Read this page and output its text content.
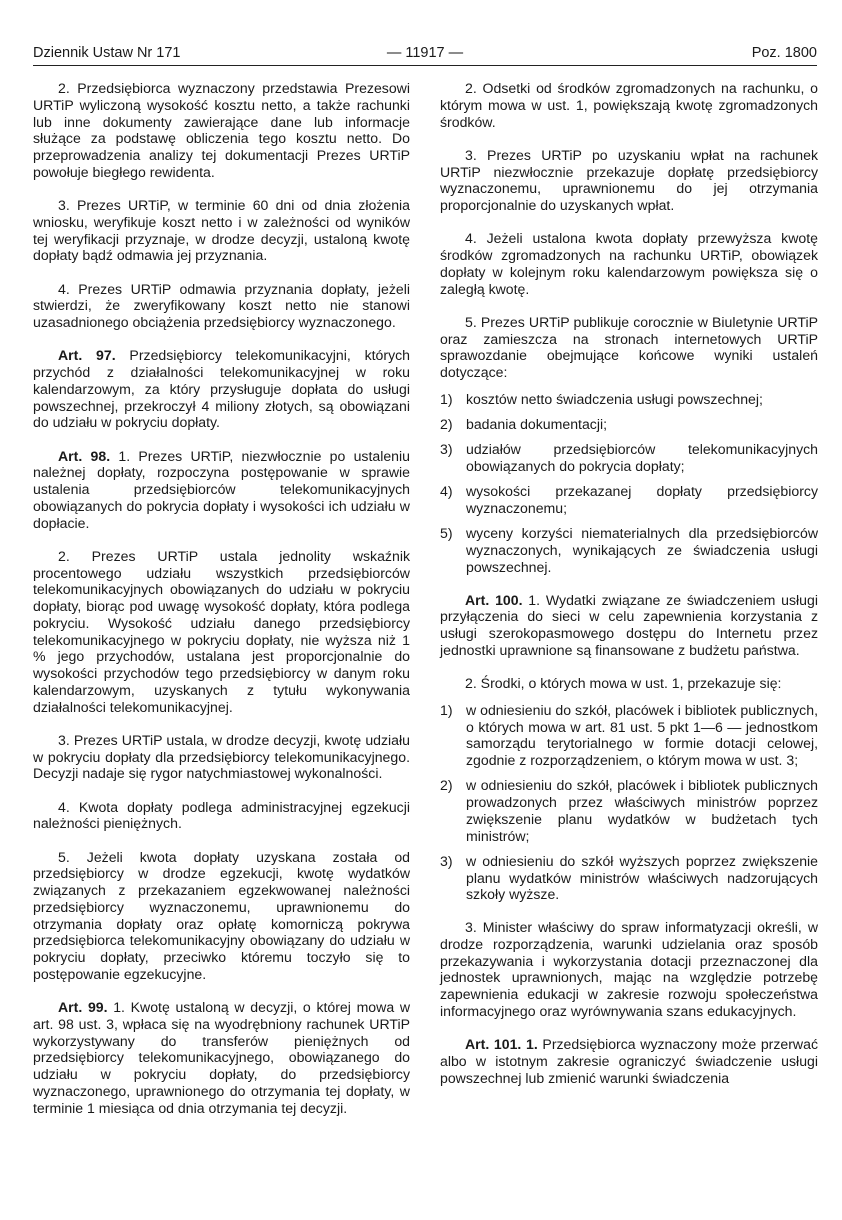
Dziennik Ustaw Nr 171	— 11917 —	Poz. 1800

2. Przedsiębiorca wyznaczony przedstawia Prezesowi URTiP wyliczoną wysokość kosztu netto, a także rachunki lub inne dokumenty zawierające dane lub informacje służące za podstawę obliczenia tego kosztu netto. Do przeprowadzenia analizy tej dokumentacji Prezes URTiP powołuje biegłego rewidenta.

3. Prezes URTiP, w terminie 60 dni od dnia złożenia wniosku, weryfikuje koszt netto i w zależności od wyników tej weryfikacji przyznaje, w drodze decyzji, ustaloną kwotę dopłaty bądź odmawia jej przyznania.

4. Prezes URTiP odmawia przyznania dopłaty, jeżeli stwierdzi, że zweryfikowany koszt netto nie stanowi uzasadnionego obciążenia przedsiębiorcy wyznaczonego.

Art. 97. Przedsiębiorcy telekomunikacyjni, których przychód z działalności telekomunikacyjnej w roku kalendarzowym, za który przysługuje dopłata do usługi powszechnej, przekroczył 4 miliony złotych, są obowiązani do udziału w pokryciu dopłaty.

Art. 98. 1. Prezes URTiP, niezwłocznie po ustaleniu należnej dopłaty, rozpoczyna postępowanie w sprawie ustalenia przedsiębiorców telekomunikacyjnych obowiązanych do pokrycia dopłaty i wysokości ich udziału w dopłacie.

2. Prezes URTiP ustala jednolity wskaźnik procentowego udziału wszystkich przedsiębiorców telekomunikacyjnych obowiązanych do udziału w pokryciu dopłaty, biorąc pod uwagę wysokość dopłaty, która podlega pokryciu. Wysokość udziału danego przedsiębiorcy telekomunikacyjnego w pokryciu dopłaty, nie wyższa niż 1 % jego przychodów, ustalana jest proporcjonalnie do wysokości przychodów tego przedsiębiorcy w danym roku kalendarzowym, uzyskanych z tytułu wykonywania działalności telekomunikacyjnej.

3. Prezes URTiP ustala, w drodze decyzji, kwotę udziału w pokryciu dopłaty dla przedsiębiorcy telekomunikacyjnego. Decyzji nadaje się rygor natychmiastowej wykonalności.

4. Kwota dopłaty podlega administracyjnej egzekucji należności pieniężnych.

5. Jeżeli kwota dopłaty uzyskana została od przedsiębiorcy w drodze egzekucji, kwotę wydatków związanych z przekazaniem egzekwowanej należności przedsiębiorcy wyznaczonemu, uprawnionemu do otrzymania dopłaty oraz opłatę komorniczą pokrywa przedsiębiorca telekomunikacyjny obowiązany do udziału w pokryciu dopłaty, przeciwko któremu toczyło się to postępowanie egzekucyjne.

Art. 99. 1. Kwotę ustaloną w decyzji, o której mowa w art. 98 ust. 3, wpłaca się na wyodrębniony rachunek URTiP wykorzystywany do transferów pieniężnych od przedsiębiorcy telekomunikacyjnego, obowiązanego do udziału w pokryciu dopłaty, do przedsiębiorcy wyznaczonego, uprawnionego do otrzymania tej dopłaty, w terminie 1 miesiąca od dnia otrzymania tej decyzji.

2. Odsetki od środków zgromadzonych na rachunku, o którym mowa w ust. 1, powiększają kwotę zgromadzonych środków.

3. Prezes URTiP po uzyskaniu wpłat na rachunek URTiP niezwłocznie przekazuje dopłatę przedsiębiorcy wyznaczonemu, uprawnionemu do jej otrzymania proporcjonalnie do uzyskanych wpłat.

4. Jeżeli ustalona kwota dopłaty przewyższa kwotę środków zgromadzonych na rachunku URTiP, obowiązek dopłaty w kolejnym roku kalendarzowym powiększa się o zaległą kwotę.

5. Prezes URTiP publikuje corocznie w Biuletynie URTiP oraz zamieszcza na stronach internetowych URTiP sprawozdanie obejmujące końcowe wyniki ustaleń dotyczące:

1) kosztów netto świadczenia usługi powszechnej;

2) badania dokumentacji;

3) udziałów przedsiębiorców telekomunikacyjnych obowiązanych do pokrycia dopłaty;

4) wysokości przekazanej dopłaty przedsiębiorcy wyznaczonemu;

5) wyceny korzyści niematerialnych dla przedsiębiorców wyznaczonych, wynikających ze świadczenia usługi powszechnej.

Art. 100. 1. Wydatki związane ze świadczeniem usługi przyłączenia do sieci w celu zapewnienia korzystania z usługi szerokopasmowego dostępu do Internetu przez jednostki uprawnione są finansowane z budżetu państwa.

2. Środki, o których mowa w ust. 1, przekazuje się:

1) w odniesieniu do szkół, placówek i bibliotek publicznych, o których mowa w art. 81 ust. 5 pkt 1—6 — jednostkom samorządu terytorialnego w formie dotacji celowej, zgodnie z rozporządzeniem, o którym mowa w ust. 3;

2) w odniesieniu do szkół, placówek i bibliotek publicznych prowadzonych przez właściwych ministrów poprzez zwiększenie planu wydatków w budżetach tych ministrów;

3) w odniesieniu do szkół wyższych poprzez zwiększenie planu wydatków ministrów właściwych nadzorujących szkoły wyższe.

3. Minister właściwy do spraw informatyzacji określi, w drodze rozporządzenia, warunki udzielania oraz sposób przekazywania i wykorzystania dotacji przeznaczonej dla jednostek uprawnionych, mając na względzie potrzebę zapewnienia edukacji w zakresie rozwoju społeczeństwa informacyjnego oraz wyrównywania szans edukacyjnych.

Art. 101. 1. Przedsiębiorca wyznaczony może przerwać albo w istotnym zakresie ograniczyć świadczenie usługi powszechnej lub zmienić warunki świadczenia
